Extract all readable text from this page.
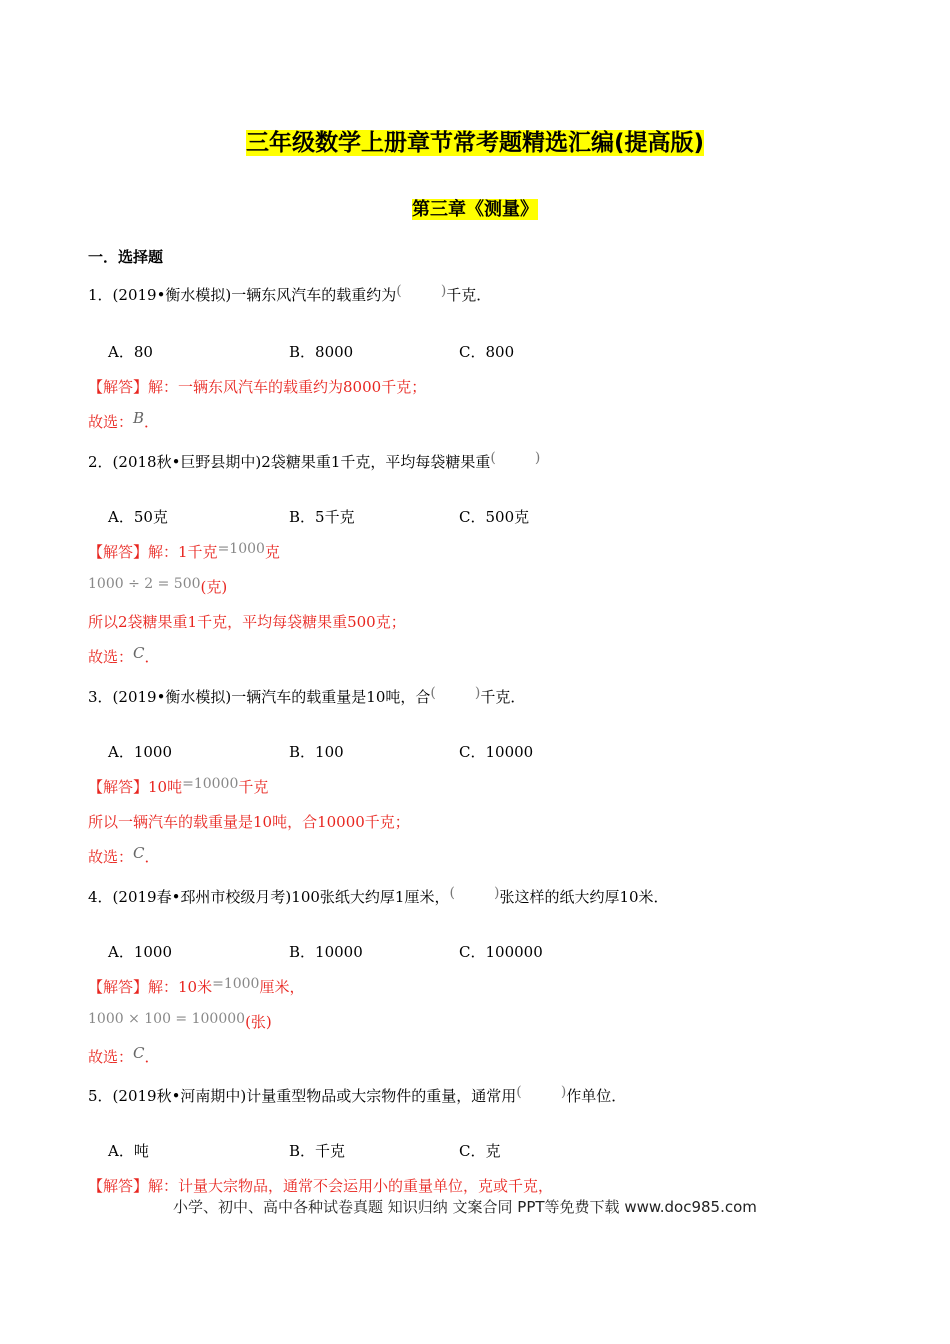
三年级数学上册章节常考题精选汇编(提高版)
第三章《测量》
一．选择题
1．(2019•衡水模拟)一辆东风汽车的载重约为(	) 千克．
A．80	B．8000	C．800
【解答】解：一辆东风汽车的载重约为8000千克；
故选：B．
2．(2018秋•巨野县期中)2袋糖果重1千克，平均每袋糖果重(	)
A．50克	B．5千克	C．500克
【解答】解：1千克=1000克
1000 ÷ 2 = 500(克)
所以2袋糖果重1千克，平均每袋糖果重500克；
故选：C．
3．(2019•衡水模拟)一辆汽车的载重量是10吨，合(	) 千克．
A．1000	B．100	C．10000
【解答】10吨=10000千克
所以一辆汽车的载重量是10吨，合10000千克；
故选：C．
4．(2019春•邳州市校级月考)100张纸大约厚1厘米，(	) 张这样的纸大约厚10米．
A．1000	B．10000	C．100000
【解答】解：10米=1000厘米，
1000 × 100 = 100000(张)
故选：C．
5．(2019秋•河南期中)计量重型物品或大宗物件的重量，通常用(	) 作单位．
A．吨	B．千克	C．克
【解答】解：计量大宗物品，通常不会运用小的重量单位，克或千克，
小学、初中、高中各种试卷真题 知识归纳 文案合同 PPT等免费下载 www.doc985.com
